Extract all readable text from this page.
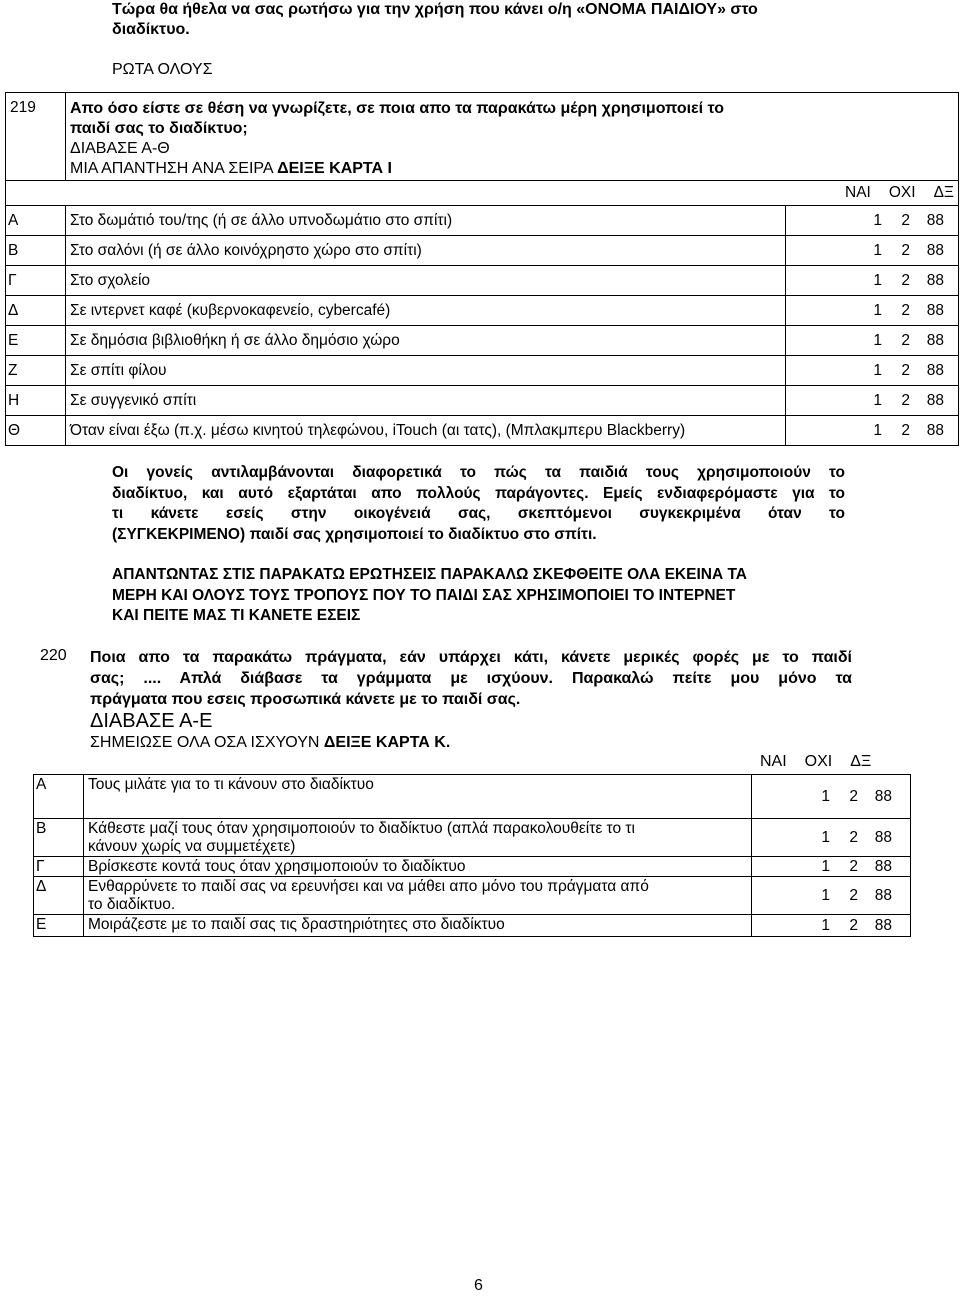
Τώρα θα ήθελα να σας ρωτήσω για την χρήση που κάνει ο/η «ΟΝΟΜΑ ΠΑΙΔΙΟΥ» στο
διαδίκτυο.
ΡΩΤΑ ΟΛΟΥΣ
219	Απο όσο είστε σε θέση να γνωρίζετε, σε ποια απο τα παρακάτω μέρη χρησιμοποιεί το
παιδί σας το διαδίκτυο;
ΔΙΑΒΑΣΕ Α-Θ
ΜΙΑ ΑΠΑΝΤΗΣΗ ΑΝΑ ΣΕΙΡΑ ΔΕΙΞΕ ΚΑΡΤΑ Ι	

		ΝΑΙ ΟΧΙ ΔΞ
Α	Στο δωμάτιό του/της (ή σε άλλο υπνοδωμάτιο στο σπίτι)	1 2 88
Β	Στο σαλόνι (ή σε άλλο κοινόχρηστο χώρο στο σπίτι)	1 2 88
Γ	Στο σχολείο	1 2 88
Δ	Σε ιντερνετ καφέ (κυβερνοκαφενείο, cybercafé)	1 2 88
Ε	Σε δημόσια βιβλιοθήκη ή σε άλλο δημόσιο χώρο	1 2 88
Ζ	Σε σπίτι φίλου	1 2 88
Η	Σε συγγενικό σπίτι	1 2 88
Θ	Όταν είναι έξω (π.χ. μέσω κινητού τηλεφώνου, iTouch (αι τατς), (Μπλακμπερυ Blackberry)	1 2 88
Οι γονείς αντιλαμβάνονται διαφορετικά το πώς τα παιδιά τους χρησιμοποιούν το
διαδίκτυο, και αυτό εξαρτάται απο πολλούς παράγοντες. Εμείς ενδιαφερόμαστε για το
τι κάνετε εσείς στην οικογένειά σας, σκεπτόμενοι συγκεκριμένα όταν το
(ΣΥΓΚΕΚΡΙΜΕΝΟ) παιδί σας χρησιμοποιεί το διαδίκτυο στο σπίτι.
ΑΠΑΝΤΩΝΤΑΣ ΣΤΙΣ ΠΑΡΑΚΑΤΩ ΕΡΩΤΗΣΕΙΣ ΠΑΡΑΚΑΛΩ ΣΚΕΦΘΕΙΤΕ ΟΛΑ ΕΚΕΙΝΑ ΤΑ
ΜΕΡΗ ΚΑΙ ΟΛΟΥΣ ΤΟΥΣ ΤΡΟΠΟΥΣ ΠΟΥ ΤΟ ΠΑΙΔΙ ΣΑΣ ΧΡΗΣΙΜΟΠΟΙΕΙ ΤΟ ΙΝΤΕΡΝΕΤ
ΚΑΙ ΠΕΙΤΕ ΜΑΣ ΤΙ ΚΑΝΕΤΕ ΕΣΕΙΣ
220 Ποια απο τα παρακάτω πράγματα, εάν υπάρχει κάτι, κάνετε μερικές φορές με το παιδί
σας; .... Απλά διάβασε τα γράμματα με ισχύουν. Παρακαλώ πείτε μου μόνο τα
πράγματα που εσεις προσωπικά κάνετε με το παιδί σας.
ΔΙΑΒΑΣΕ Α-Ε
ΣΗΜΕΙΩΣΕ ΟΛΑ ΟΣΑ ΙΣΧΥΟΥΝ ΔΕΙΞΕ ΚΑΡΤΑ Κ.
ΝΑΙ ΟΧΙ ΔΞ
Α	Τους μιλάτε για το τι κάνουν στο διαδίκτυο	1 2 88
Β	Κάθεστε μαζί τους όταν χρησιμοποιούν το διαδίκτυο (απλά παρακολουθείτε το τι
κάνουν χωρίς να συμμετέχετε)	1 2 88
Γ	Βρίσκεστε κοντά τους όταν χρησιμοποιούν το διαδίκτυο	1 2 88
Δ	Ενθαρρύνετε το παιδί σας να ερευνήσει και να μάθει απο μόνο του πράγματα από
το διαδίκτυο.	1 2 88
Ε	Μοιράζεστε με το παιδί σας τις δραστηριότητες στο διαδίκτυο	1 2 88
6
